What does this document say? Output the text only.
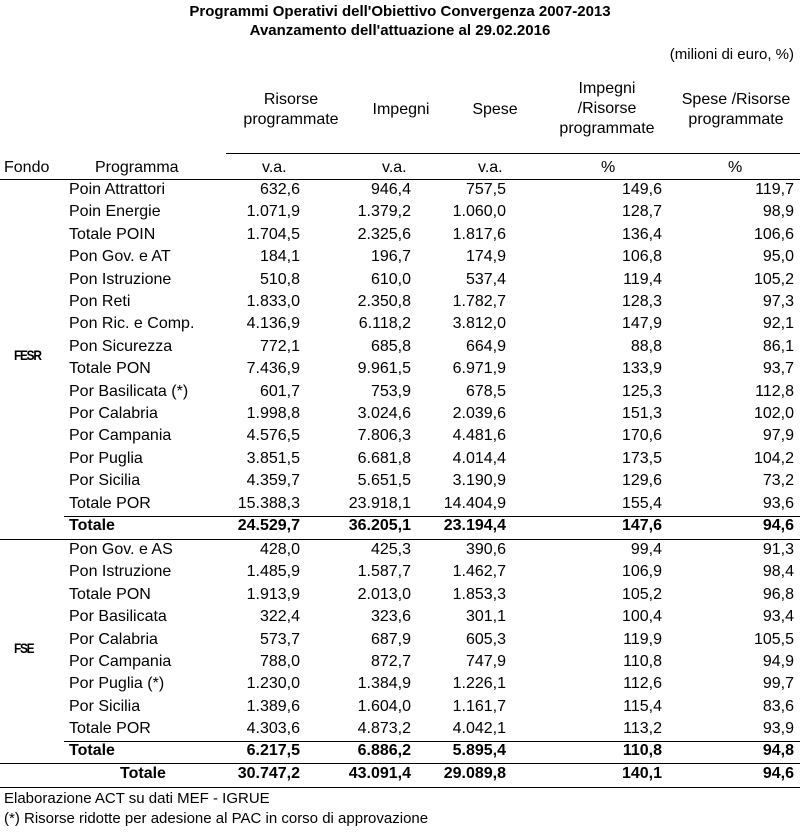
Programmi Operativi dell'Obiettivo Convergenza 2007-2013
Avanzamento dell'attuazione al 29.02.2016
(milioni di euro, %)
Risorse
programmate
Impegni	Spese
Impegni
/Risorse
programmate
Spese /Risorse
programmate
Fondo	Programma	v.a.	v.a.	v.a.	%	%
FESR
Poin Attrattori	632,6	946,4	757,5	149,6	119,7
Poin Energie	1.071,9	1.379,2	1.060,0	128,7	98,9
Totale POIN	1.704,5	2.325,6	1.817,6	136,4	106,6
Pon Gov. e AT	184,1	196,7	174,9	106,8	95,0
Pon Istruzione	510,8	610,0	537,4	119,4	105,2
Pon Reti	1.833,0	2.350,8	1.782,7	128,3	97,3
Pon Ric. e Comp.	4.136,9	6.118,2	3.812,0	147,9	92,1
Pon Sicurezza	772,1	685,8	664,9	88,8	86,1
Totale PON	7.436,9	9.961,5	6.971,9	133,9	93,7
Por Basilicata (*)	601,7	753,9	678,5	125,3	112,8
Por Calabria	1.998,8	3.024,6	2.039,6	151,3	102,0
Por Campania	4.576,5	7.806,3	4.481,6	170,6	97,9
Por Puglia	3.851,5	6.681,8	4.014,4	173,5	104,2
Por Sicilia	4.359,7	5.651,5	3.190,9	129,6	73,2
Totale POR	15.388,3	23.918,1 14.404,9	155,4	93,6
Totale	24.529,7	36.205,1 23.194,4	147,6	94,6
FSE
Pon Gov. e AS	428,0	425,3	390,6	99,4	91,3
Pon Istruzione	1.485,9	1.587,7	1.462,7	106,9	98,4
Totale PON	1.913,9	2.013,0	1.853,3	105,2	96,8
Por Basilicata	322,4	323,6	301,1	100,4	93,4
Por Calabria	573,7	687,9	605,3	119,9	105,5
Por Campania	788,0	872,7	747,9	110,8	94,9
Por Puglia (*)	1.230,0	1.384,9	1.226,1	112,6	99,7
Por Sicilia	1.389,6	1.604,0	1.161,7	115,4	83,6
Totale POR	4.303,6	4.873,2	4.042,1	113,2	93,9
Totale	6.217,5	6.886,2	5.895,4	110,8	94,8
Totale	30.747,2	43.091,4 29.089,8	140,1	94,6
Elaborazione ACT su dati MEF - IGRUE
(*) Risorse ridotte per adesione al PAC in corso di approvazione
